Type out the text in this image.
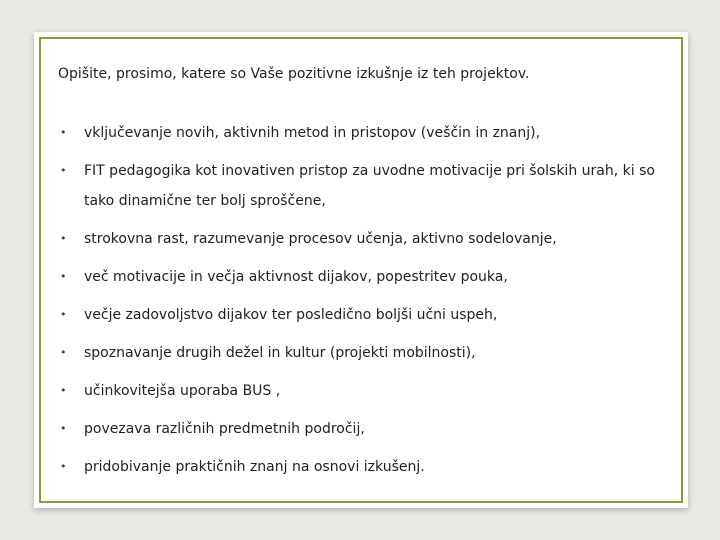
Opišite, prosimo, katere so Vaše pozitivne izkušnje iz teh projektov.
• vključevanje novih, aktivnih metod in pristopov (veščin in znanj),
• FIT pedagogika kot inovativen pristop za uvodne motivacije pri šolskih urah, ki so tako dinamične ter bolj sproščene,
• strokovna rast, razumevanje procesov učenja, aktivno sodelovanje,
• več motivacije in večja aktivnost dijakov, popestritev pouka,
• večje zadovoljstvo dijakov ter posledično boljši učni uspeh,
• spoznavanje drugih dežel in kultur (projekti mobilnosti),
• učinkovitejša uporaba BUS ,
• povezava različnih predmetnih področij,
• pridobivanje praktičnih znanj na osnovi izkušenj.
